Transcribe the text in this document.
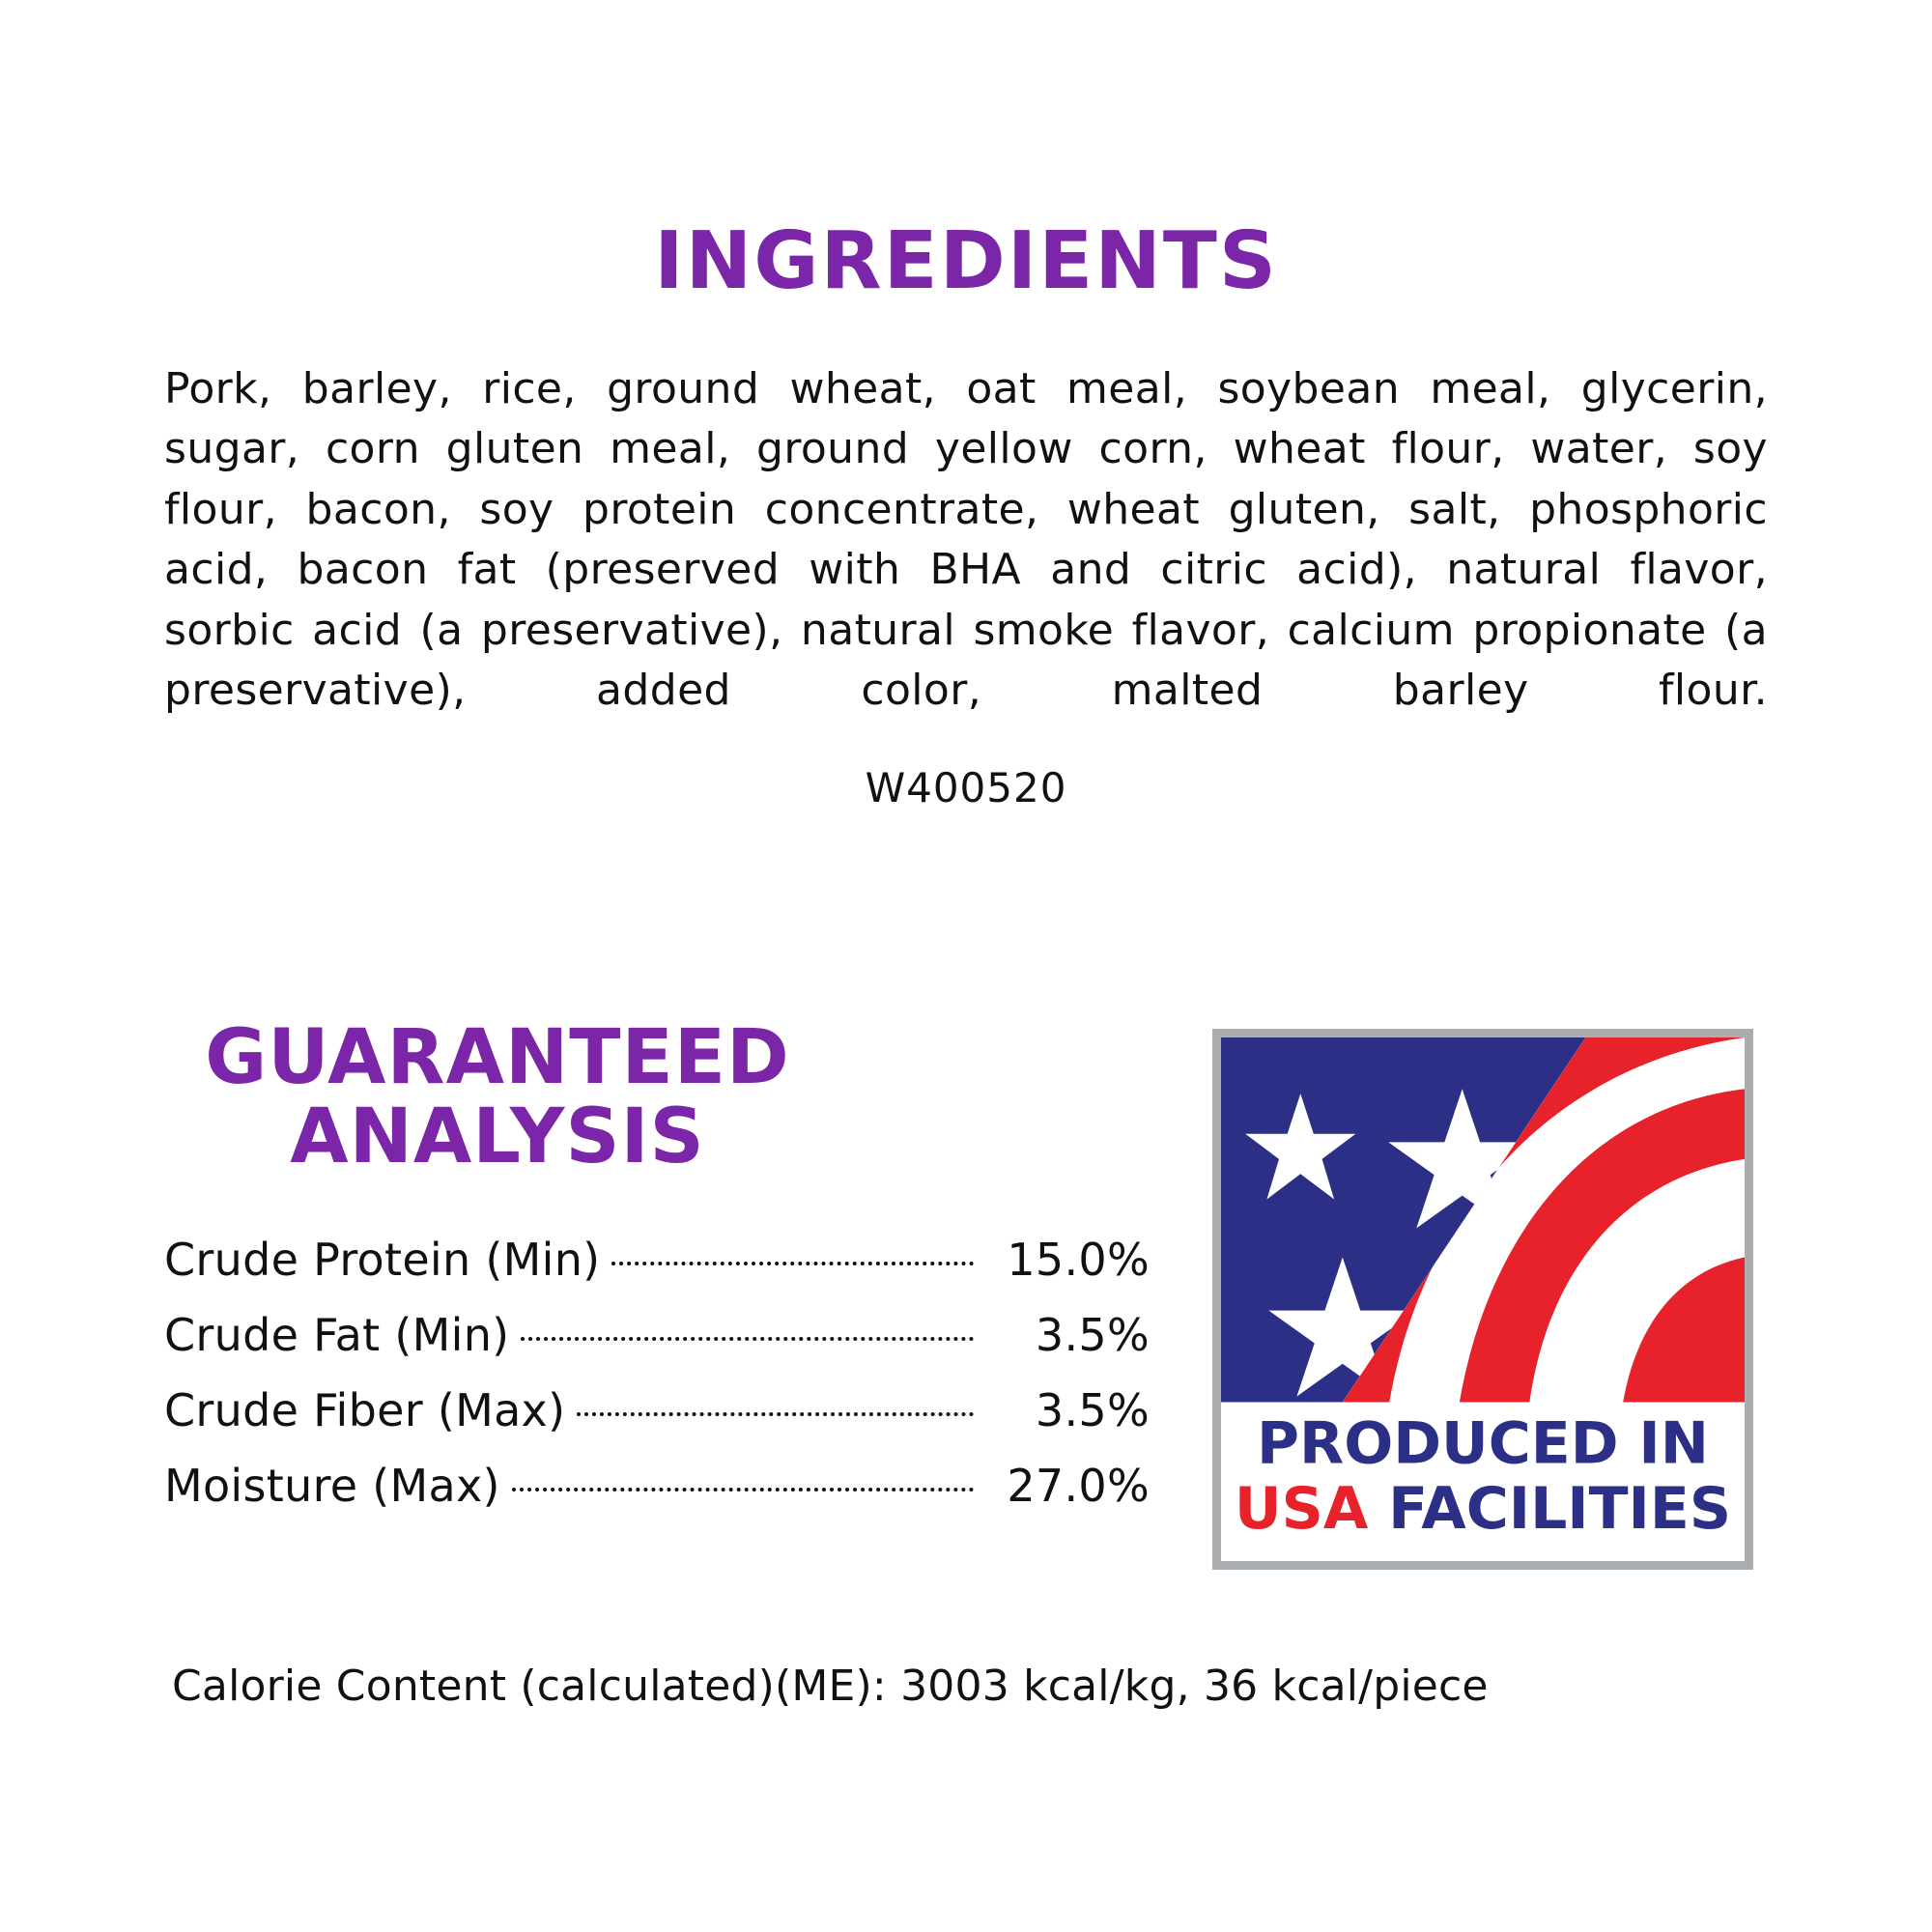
INGREDIENTS

Pork, barley, rice, ground wheat, oat meal, soybean meal, glycerin, sugar, corn gluten meal, ground yellow corn, wheat flour, water, soy flour, bacon, soy protein concentrate, wheat gluten, salt, phosphoric acid, bacon fat (preserved with BHA and citric acid), natural flavor, sorbic acid (a preservative), natural smoke flavor, calcium propionate (a preservative), added color, malted barley flour.

W400520
GUARANTEED ANALYSIS
Crude Protein (Min)	15.0%
Crude Fat (Min)	3.5%
Crude Fiber (Max)	3.5%
Moisture (Max)	27.0%
Calorie Content (calculated)(ME): 3003 kcal/kg, 36 kcal/piece
PRODUCED IN
USA FACILITIES
